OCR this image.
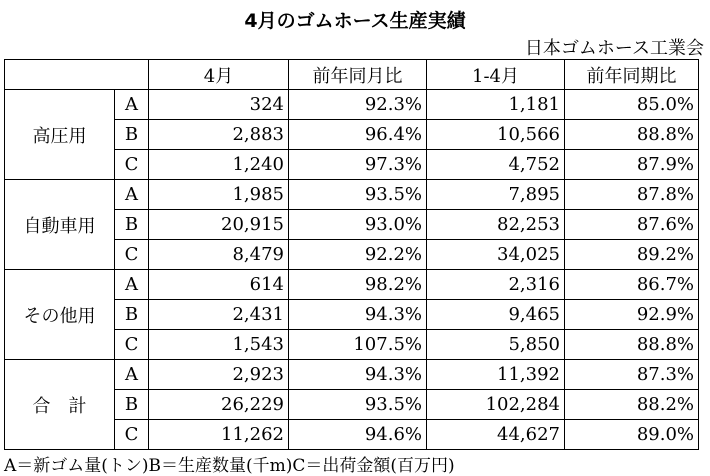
4月のゴムホース生産実績
日本ゴムホース工業会
		4月	前年同月比	1-4月	前年同期比
高圧用	A	324	92.3%	1,181	85.0%
	B	2,883	96.4%	10,566	88.8%
	C	1,240	97.3%	4,752	87.9%
自動車用	A	1,985	93.5%	7,895	87.8%
	B	20,915	93.0%	82,253	87.6%
	C	8,479	92.2%	34,025	89.2%
その他用	A	614	98.2%	2,316	86.7%
	B	2,431	94.3%	9,465	92.9%
	C	1,543	107.5%	5,850	88.8%
合　計	A	2,923	94.3%	11,392	87.3%
	B	26,229	93.5%	102,284	88.2%
	C	11,262	94.6%	44,627	89.0%
A＝新ゴム量(トン)B＝生産数量(千m)C＝出荷金額(百万円)
